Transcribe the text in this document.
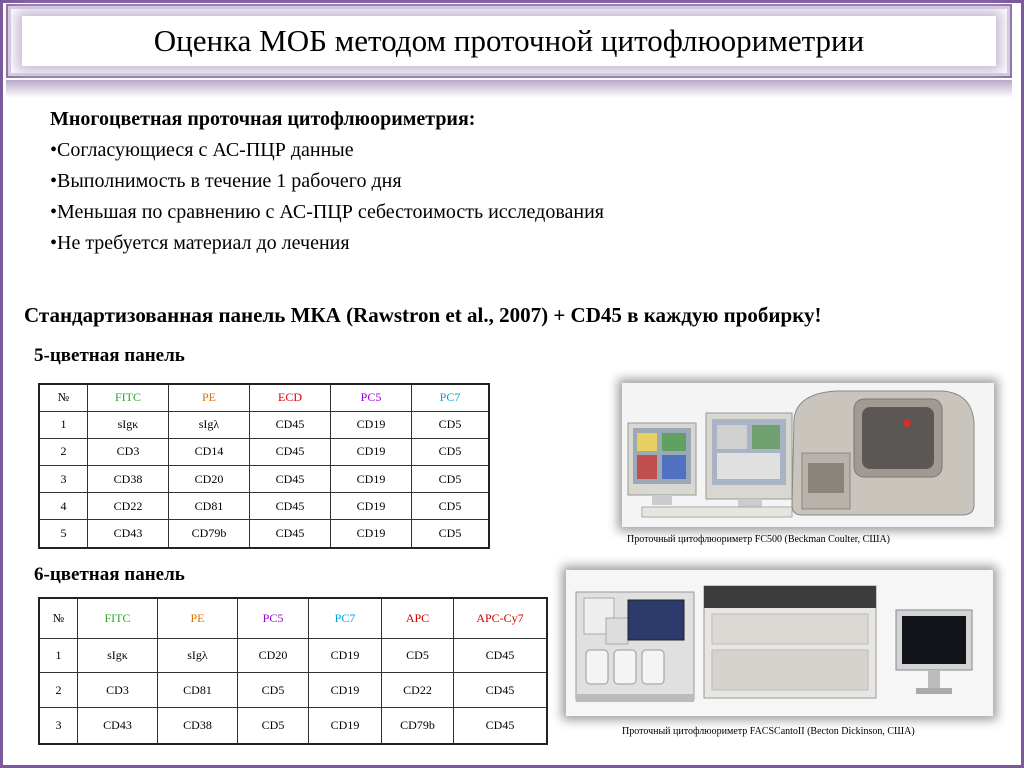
Оценка МОБ методом проточной цитофлюориметрии
Многоцветная проточная цитофлюориметрия:
•Согласующиеся с АС-ПЦР данные
•Выполнимость в течение 1 рабочего дня
•Меньшая по сравнению с АС-ПЦР себестоимость исследования
•Не требуется материал до лечения
Стандартизованная панель МКА (Rawstron et al., 2007) + CD45 в каждую пробирку!
5-цветная панель
№	FITC	PE	ECD	PC5	PC7
1	sIgκ	sIgλ	CD45	CD19	CD5
2	CD3	CD14	CD45	CD19	CD5
3	CD38	CD20	CD45	CD19	CD5
4	CD22	CD81	CD45	CD19	CD5
5	CD43	CD79b	CD45	CD19	CD5
6-цветная панель
№	FITC	PE	PC5	PC7	APC	APC-Cy7
1	sIgκ	sIgλ	CD20	CD19	CD5	CD45
2	CD3	CD81	CD5	CD19	CD22	CD45
3	CD43	CD38	CD5	CD19	CD79b	CD45
Проточный цитофлюориметр FC500 (Beckman Coulter, США)
Проточный цитофлюориметр FACSCantoII (Becton Dickinson, США)
